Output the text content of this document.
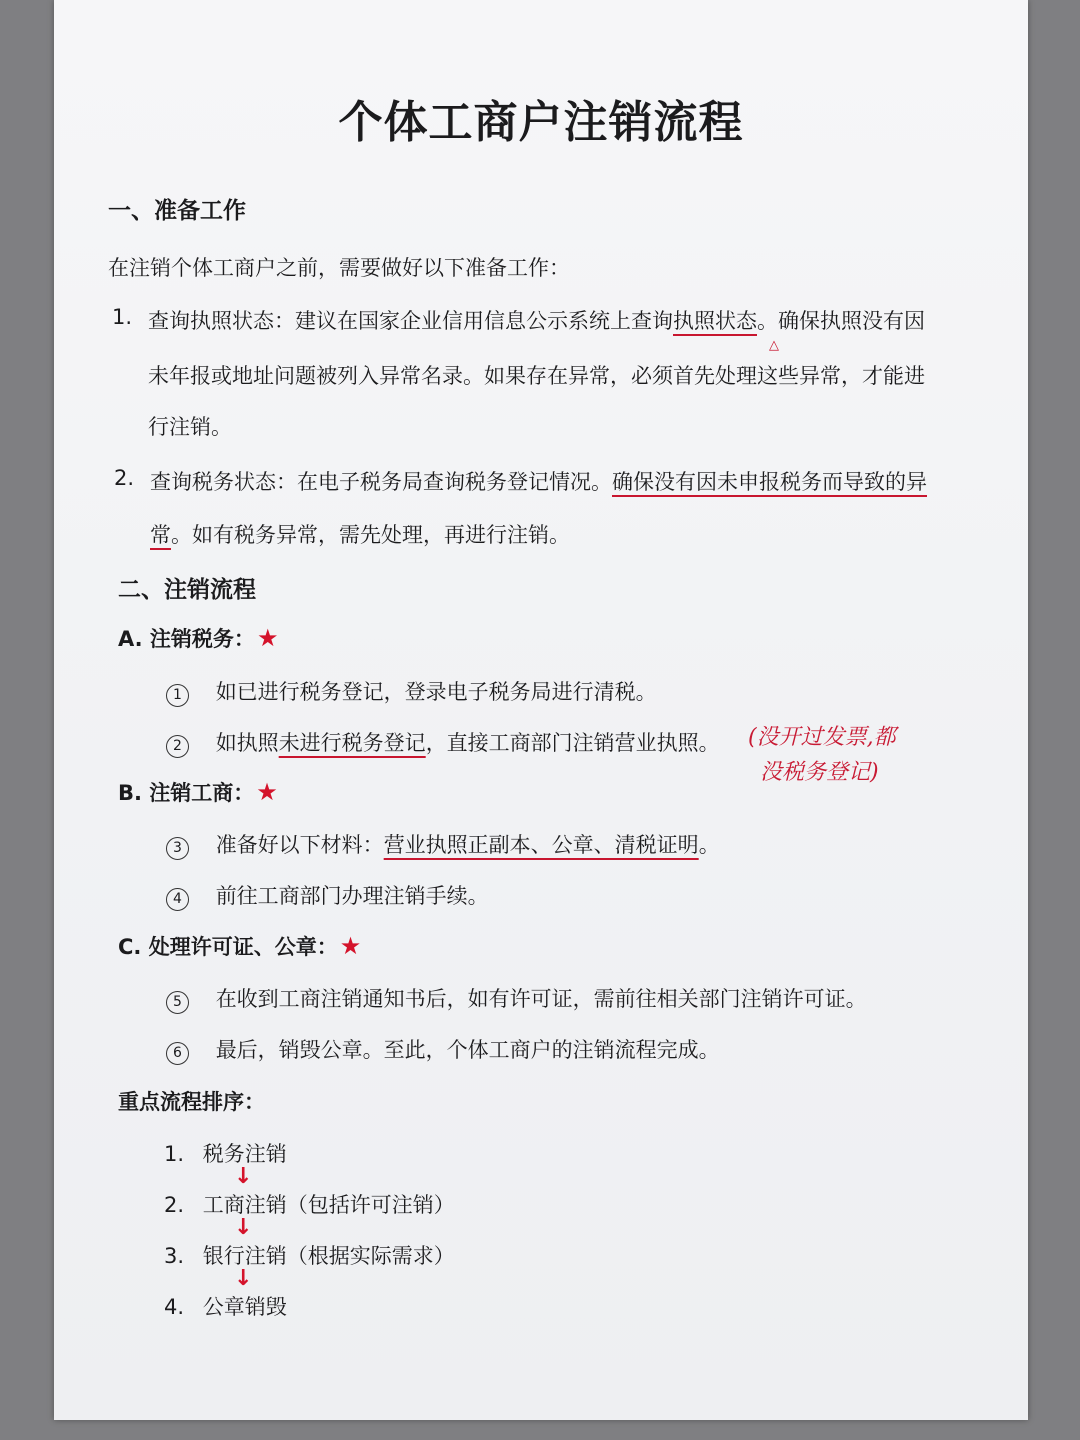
个体工商户注销流程
一、准备工作
在注销个体工商户之前，需要做好以下准备工作：
1. 查询执照状态：建议在国家企业信用信息公示系统上查询执照状态。确保执照没有因
△
未年报或地址问题被列入异常名录。如果存在异常，必须首先处理这些异常，才能进
行注销。
2. 查询税务状态：在电子税务局查询税务登记情况。确保没有因未申报税务而导致的异
常。如有税务异常，需先处理，再进行注销。
二、注销流程
A. 注销税务：★
1 如已进行税务登记，登录电子税务局进行清税。
2 如执照未进行税务登记，直接工商部门注销营业执照。 (没开过发票,都
没税务登记)
B. 注销工商：★
3 准备好以下材料：营业执照正副本、公章、清税证明。
4 前往工商部门办理注销手续。
C. 处理许可证、公章：★
5 在收到工商注销通知书后，如有许可证，需前往相关部门注销许可证。
6 最后，销毁公章。至此，个体工商户的注销流程完成。
重点流程排序：
1. 税务注销
↓
2. 工商注销（包括许可注销）
↓
3. 银行注销（根据实际需求）
↓
4. 公章销毁
